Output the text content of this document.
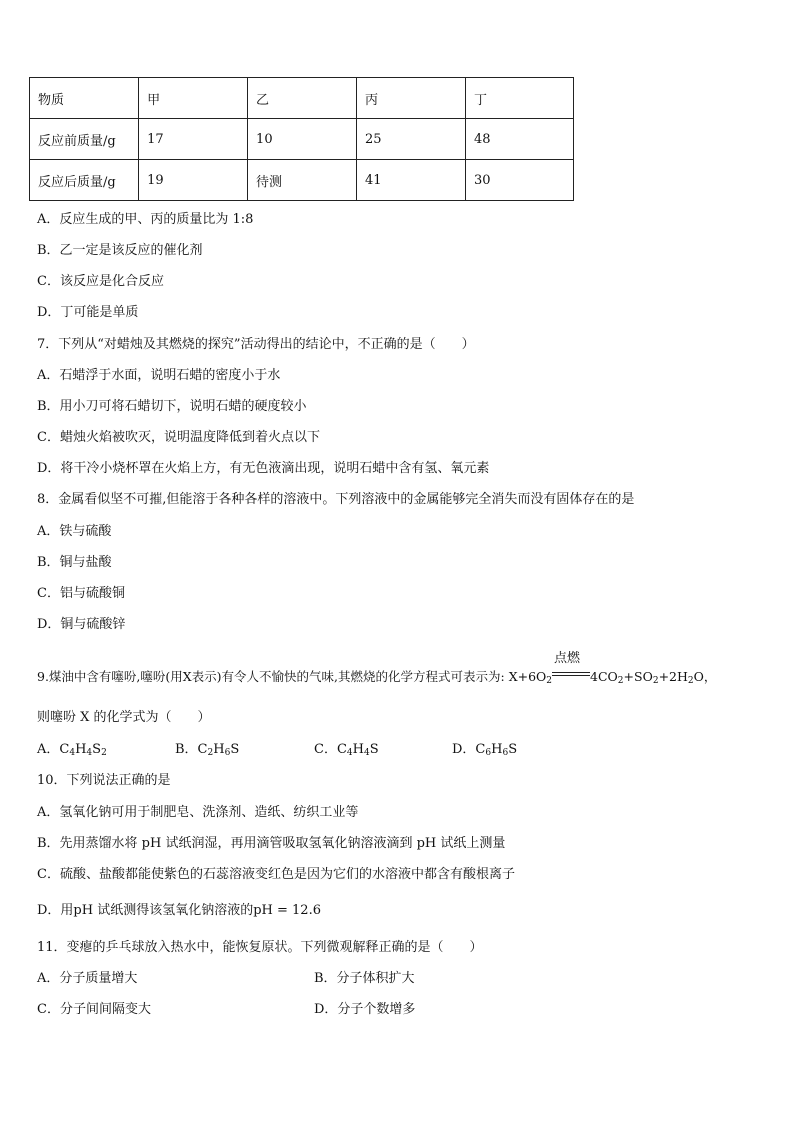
物质	甲	乙	丙	丁
反应前质量/g	17	10	25	48
反应后质量/g	19	待测	41	30
A．反应生成的甲、丙的质量比为 1:8
B．乙一定是该反应的催化剂
C．该反应是化合反应
D．丁可能是单质
7．下列从“对蜡烛及其燃烧的探究”活动得出的结论中，不正确的是（　　）
A．石蜡浮于水面，说明石蜡的密度小于水
B．用小刀可将石蜡切下，说明石蜡的硬度较小
C．蜡烛火焰被吹灭，说明温度降低到着火点以下
D．将干冷小烧杯罩在火焰上方，有无色液滴出现，说明石蜡中含有氢、氧元素
8．金属看似坚不可摧,但能溶于各种各样的溶液中。下列溶液中的金属能够完全消失而没有固体存在的是
A．铁与硫酸
B．铜与盐酸
C．铝与硫酸铜
D．铜与硫酸锌
9.煤油中含有噻吩,噻吩(用X表示)有令人不愉快的气味,其燃烧的化学方程式可表示为: $X+6O_2$
点燃
$4CO_2+SO_2+2H_2O$，
则噻吩 X 的化学式为（　　）
A．$C_4H_4S_2$	B．$C_2H_6S$	C．$C_4H_4S$	D．$C_6H_6S$
10．下列说法正确的是
A．氢氧化钠可用于制肥皂、洗涤剂、造纸、纺织工业等
B．先用蒸馏水将 pH 试纸润湿，再用滴管吸取氢氧化钠溶液滴到 pH 试纸上测量
C．硫酸、盐酸都能使紫色的石蕊溶液变红色是因为它们的水溶液中都含有酸根离子
D．用pH 试纸测得该氢氧化钠溶液的pH = 12.6
11．变瘪的乒乓球放入热水中，能恢复原状。下列微观解释正确的是（　　）
A．分子质量增大	B．分子体积扩大
C．分子间间隔变大	D．分子个数增多
